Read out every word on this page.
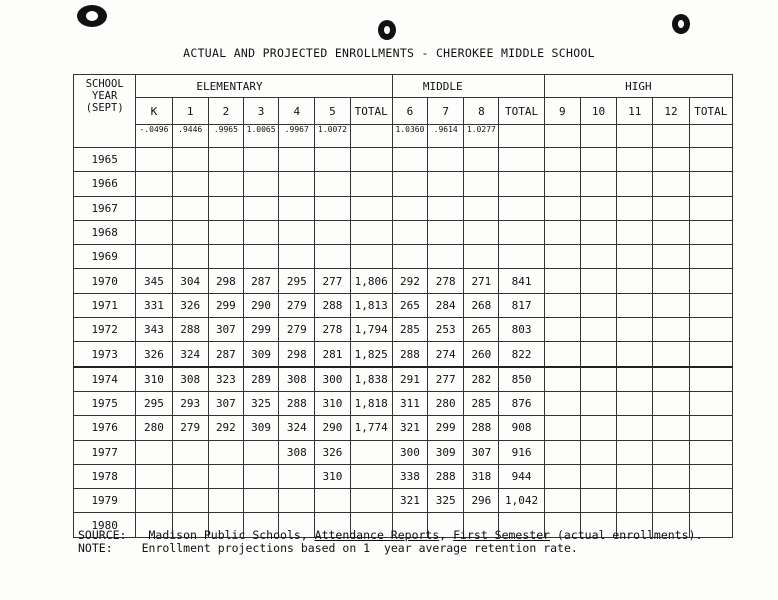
ACTUAL AND PROJECTED ENROLLMENTS - CHEROKEE MIDDLE SCHOOL
SCHOOL
YEAR
(SEPT)	ELEMENTARY							MIDDLE				HIGH				
	K	1	2	3	4	5	TOTAL	6	7	8	TOTAL	9	10	11	12	TOTAL
	-.0496	.9446	.9965	1.0065	.9967	1.0072		1.0360	.9614	1.0277						
1965																
1966																
1967																
1968																
1969																
1970	345	304	298	287	295	277	1,806	292	278	271	841					
1971	331	326	299	290	279	288	1,813	265	284	268	817					
1972	343	288	307	299	279	278	1,794	285	253	265	803					
1973	326	324	287	309	298	281	1,825	288	274	260	822					
1974	310	308	323	289	308	300	1,838	291	277	282	850					
1975	295	293	307	325	288	310	1,818	311	280	285	876					
1976	280	279	292	309	324	290	1,774	321	299	288	908					
1977					308	326		300	309	307	916					
1978						310		338	288	318	944					
1979								321	325	296	1,042					
1980																
SOURCE: Madison Public Schools, Attendance Reports, First Semester (actual enrollments).
NOTE:	Enrollment projections based on 1  year average retention rate.
